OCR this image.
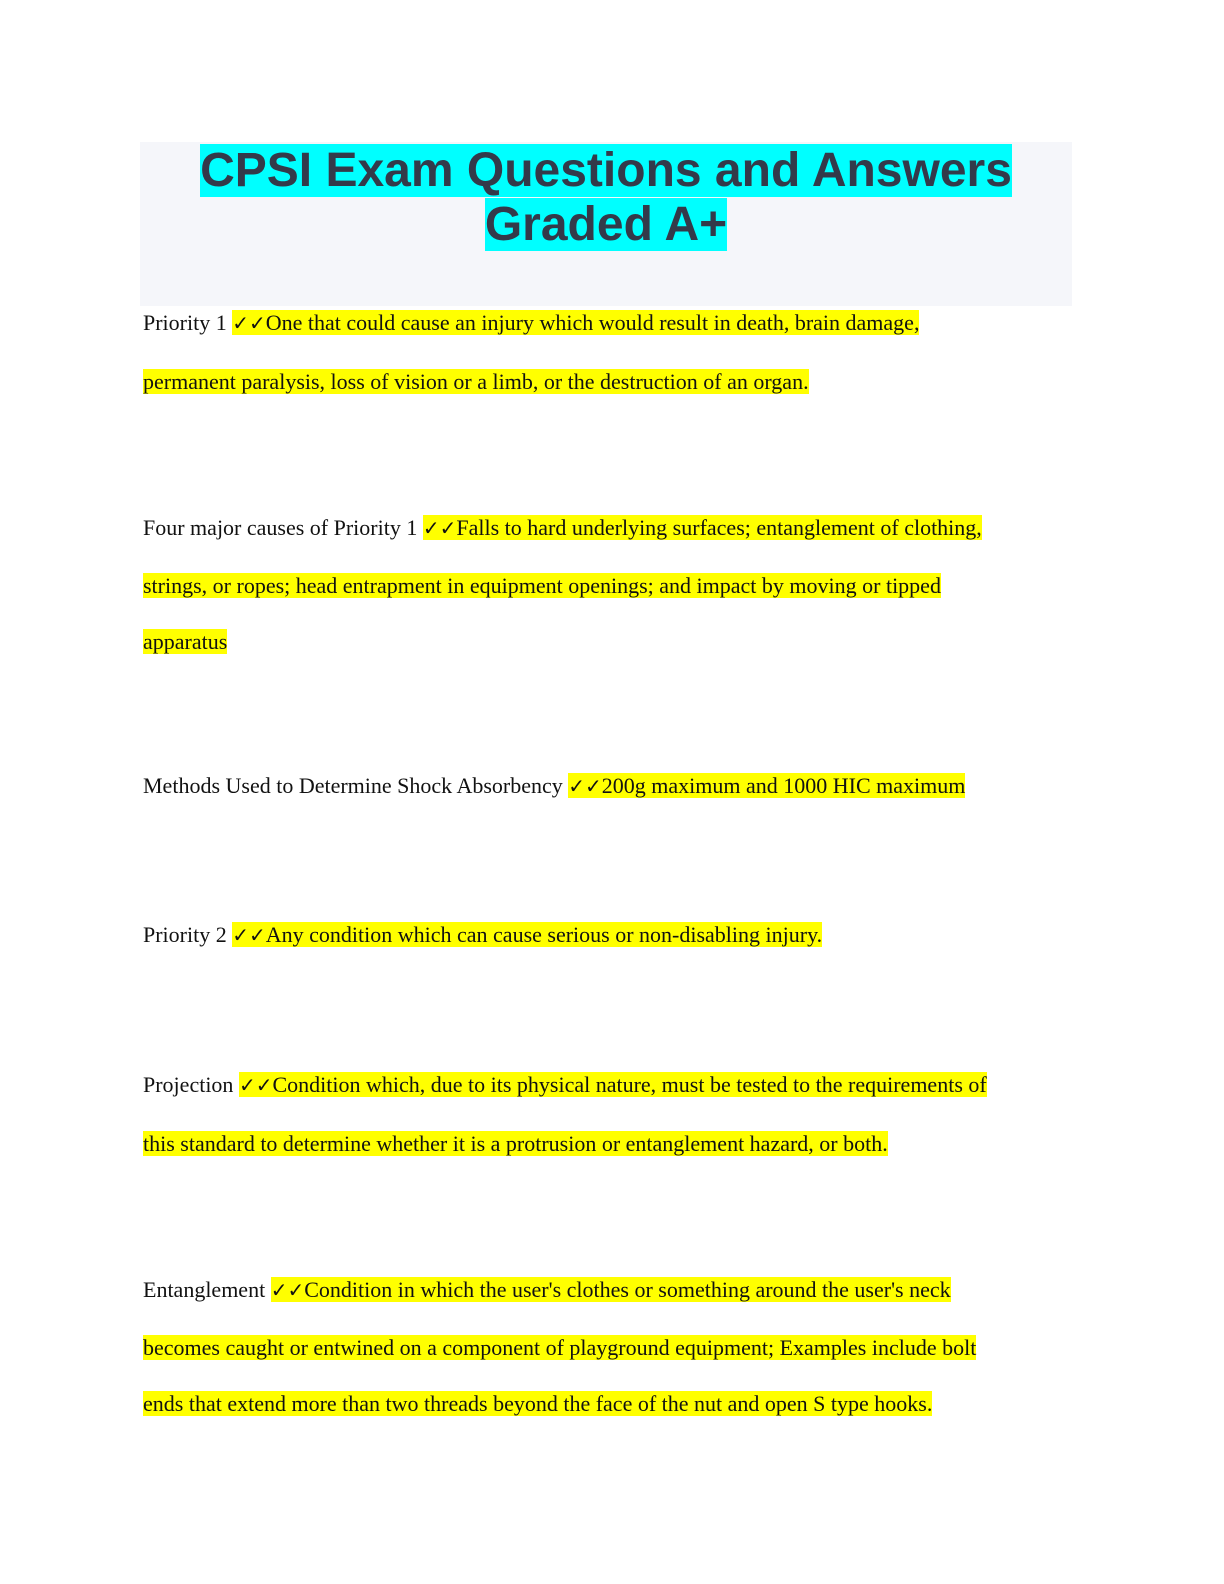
CPSI Exam Questions and Answers
Graded A+
Priority 1 ✓✓One that could cause an injury which would result in death, brain damage,
permanent paralysis, loss of vision or a limb, or the destruction of an organ.
Four major causes of Priority 1 ✓✓Falls to hard underlying surfaces; entanglement of clothing,
strings, or ropes; head entrapment in equipment openings; and impact by moving or tipped
apparatus
Methods Used to Determine Shock Absorbency ✓✓200g maximum and 1000 HIC maximum
Priority 2 ✓✓Any condition which can cause serious or non-disabling injury.
Projection ✓✓Condition which, due to its physical nature, must be tested to the requirements of
this standard to determine whether it is a protrusion or entanglement hazard, or both.
Entanglement ✓✓Condition in which the user's clothes or something around the user's neck
becomes caught or entwined on a component of playground equipment; Examples include bolt
ends that extend more than two threads beyond the face of the nut and open S type hooks.
